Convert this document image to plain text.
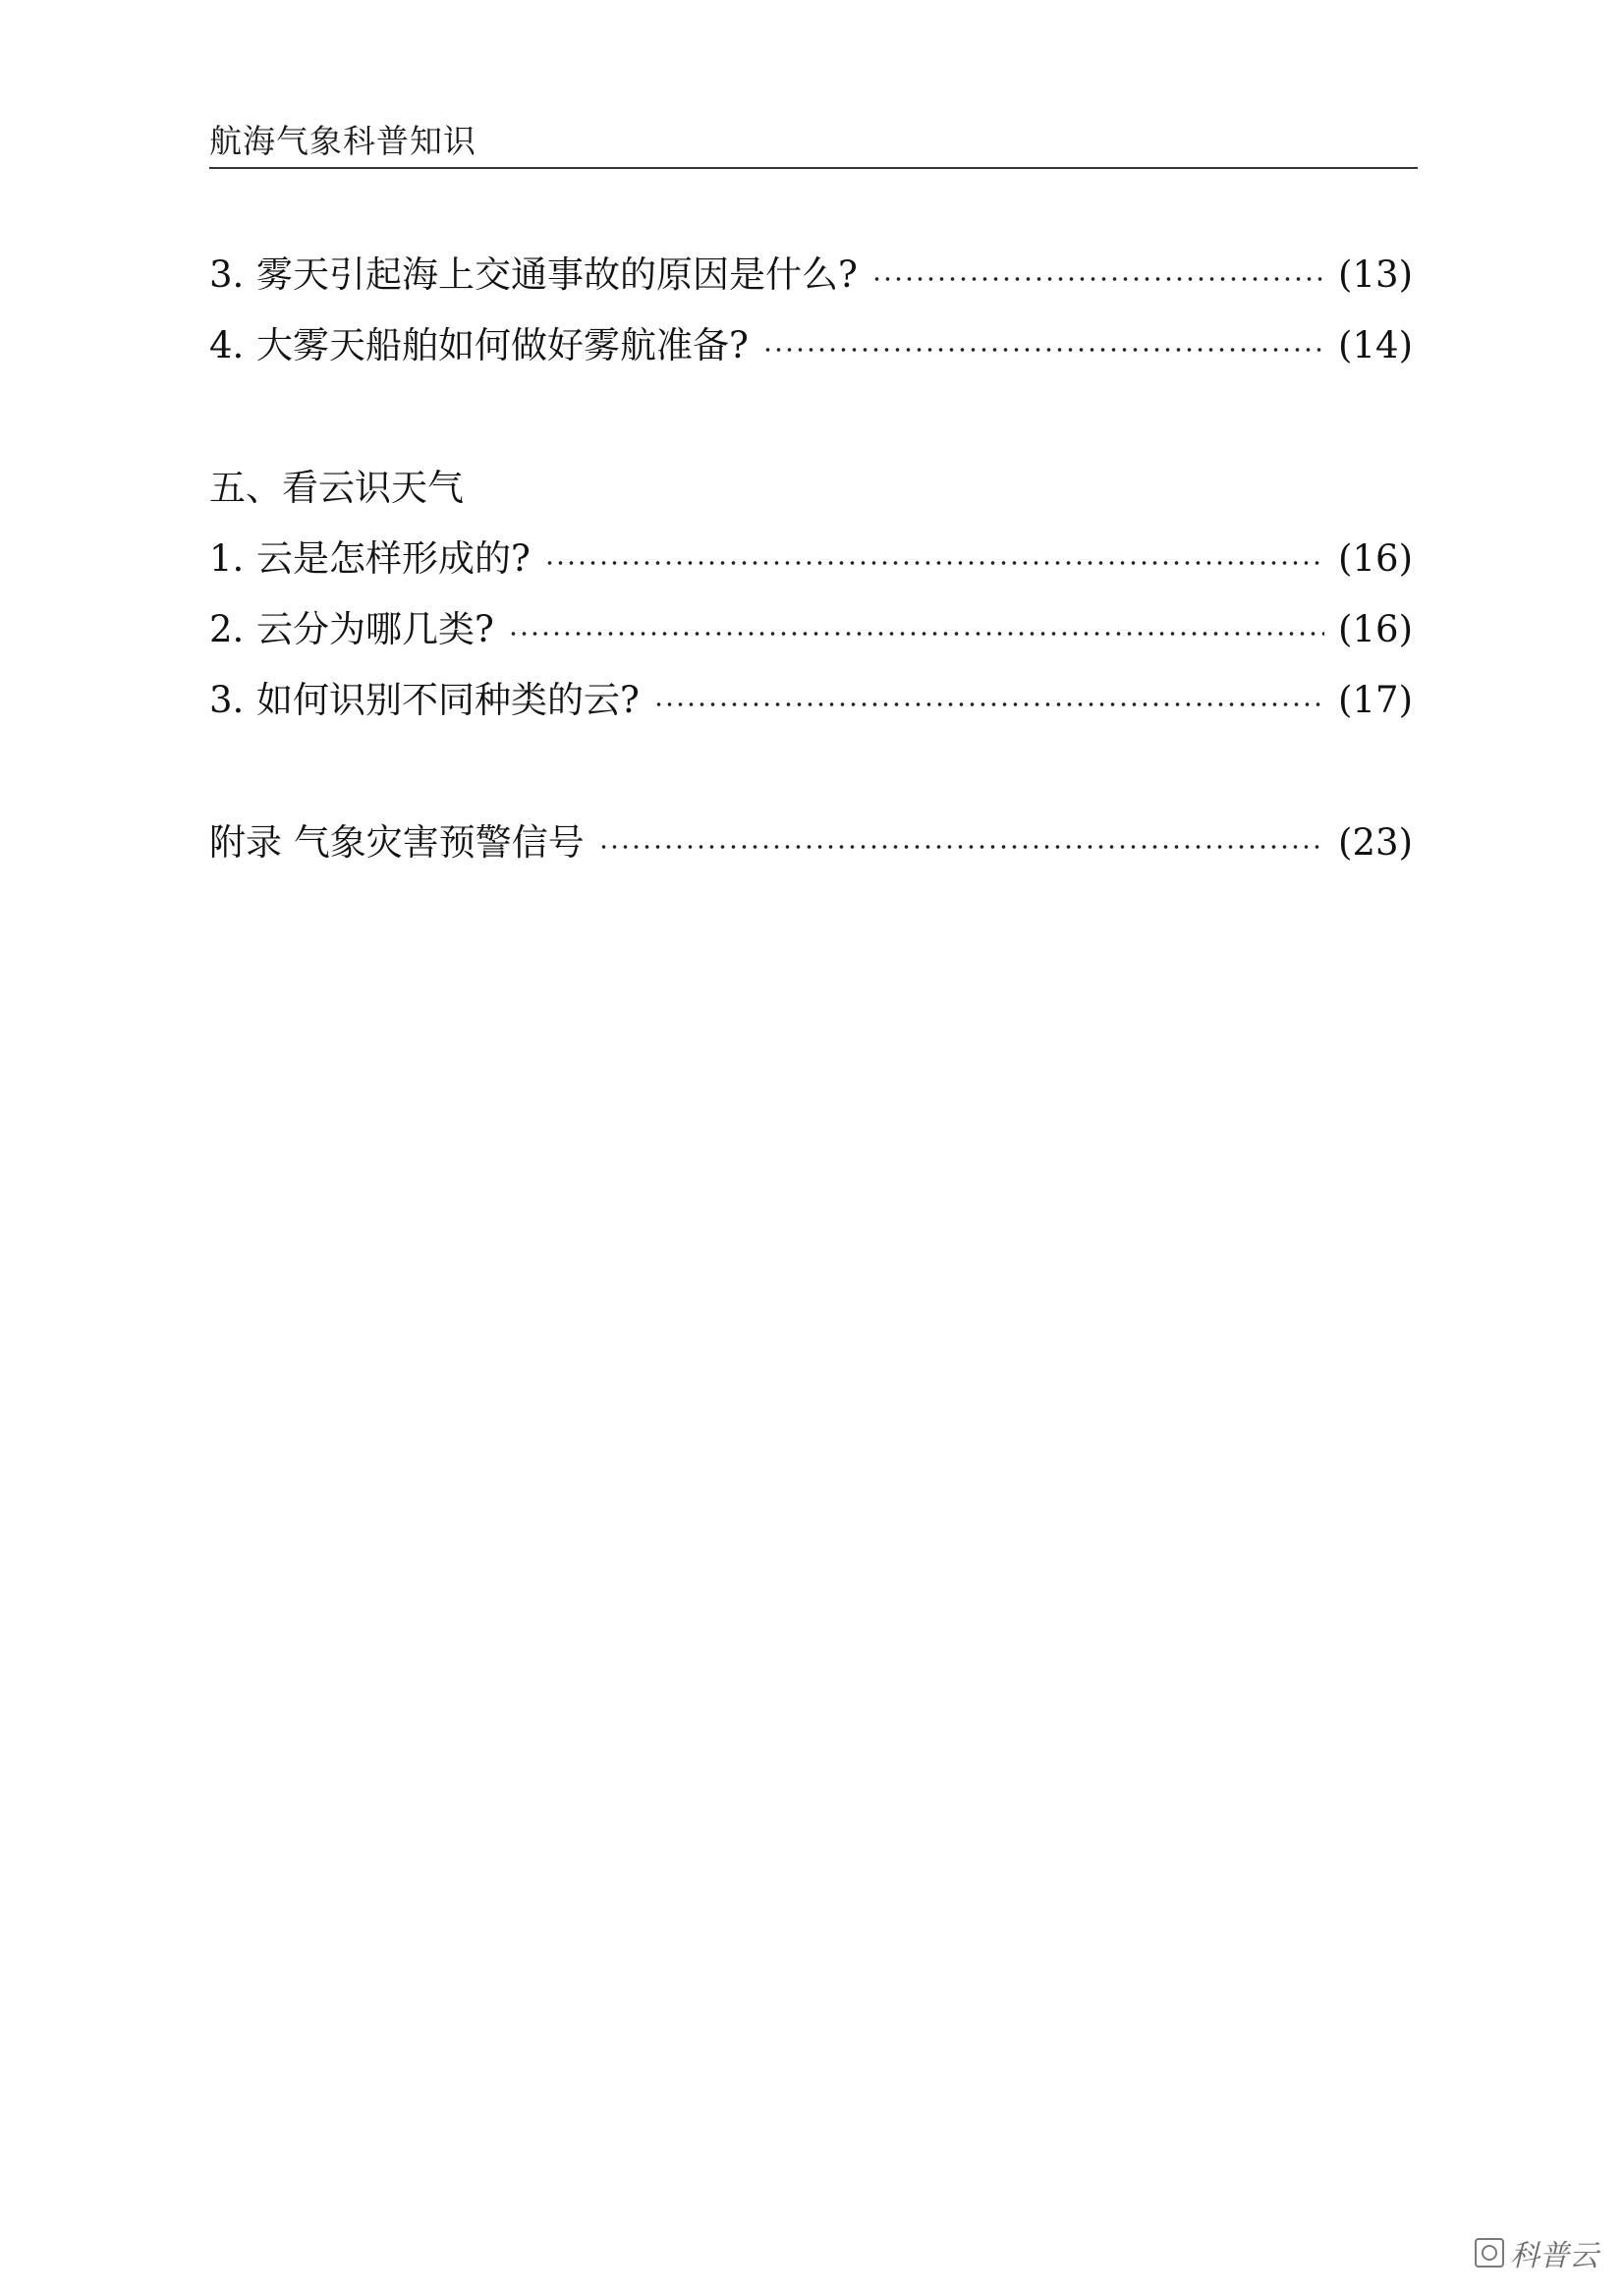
航海气象科普知识
3. 雾天引起海上交通事故的原因是什么?	(13)
4. 大雾天船舶如何做好雾航准备?	(14)
五、看云识天气
1. 云是怎样形成的?	(16)
2. 云分为哪几类?	(16)
3. 如何识别不同种类的云?	(17)
附录 气象灾害预警信号	(23)
科普云
